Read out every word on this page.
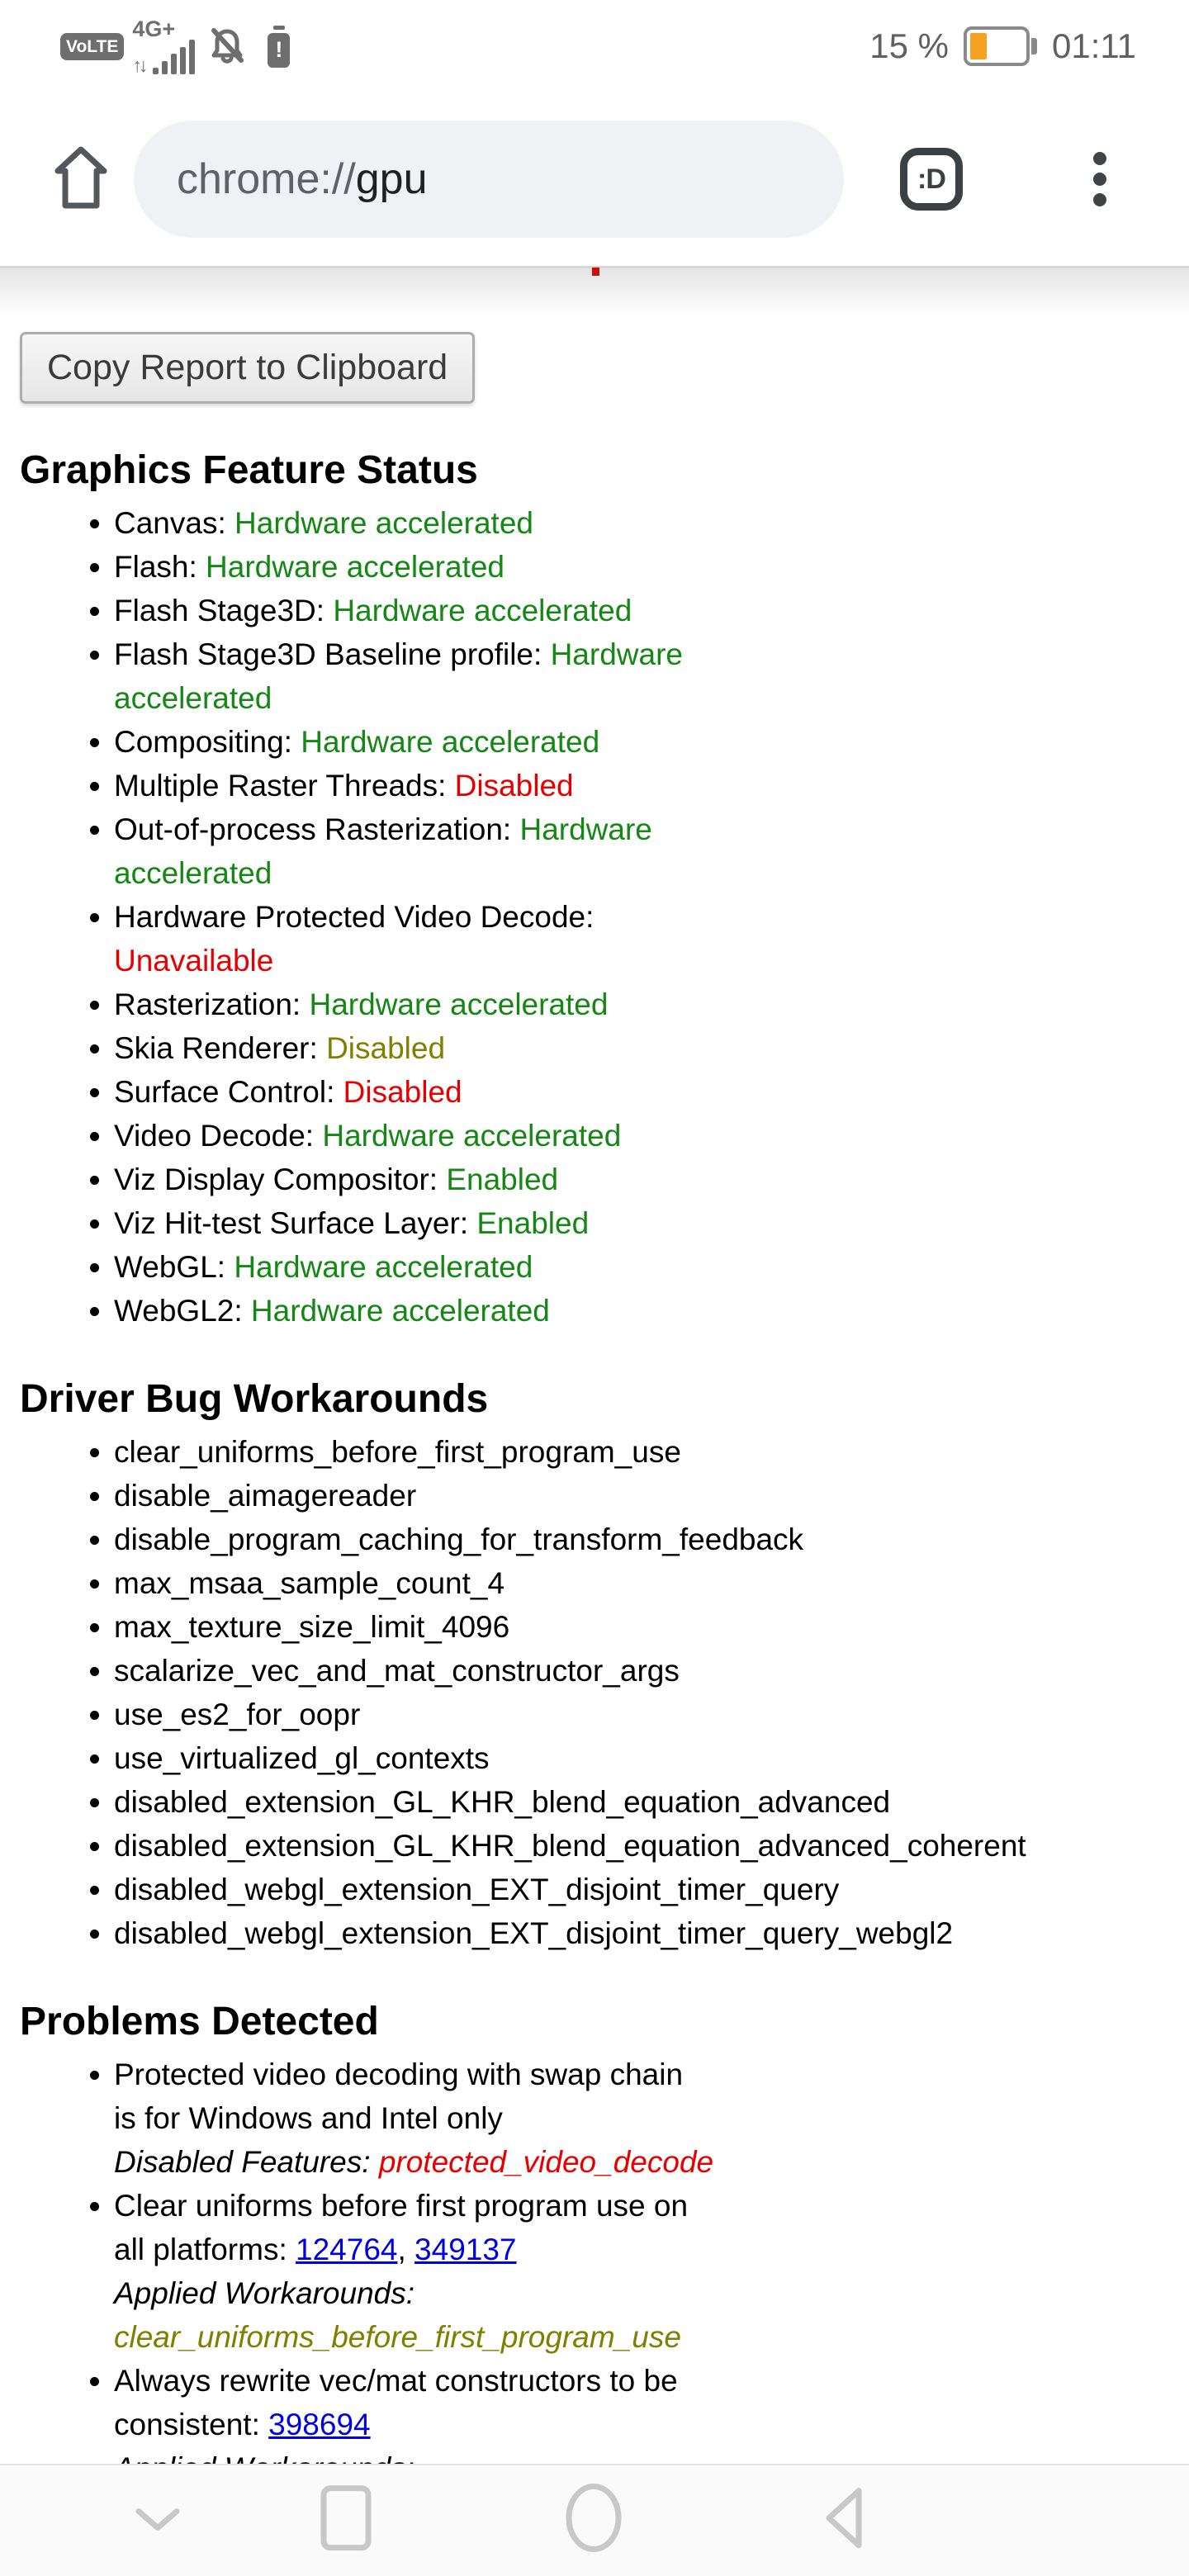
VoLTE
4G+
↑↓
!	15 %	01:11
chrome://gpu	:D
Copy Report to Clipboard
Graphics Feature Status
• Canvas: Hardware accelerated
• Flash: Hardware accelerated
• Flash Stage3D: Hardware accelerated
• Flash Stage3D Baseline profile: Hardware
accelerated
• Compositing: Hardware accelerated
• Multiple Raster Threads: Disabled
• Out-of-process Rasterization: Hardware
accelerated
• Hardware Protected Video Decode:
Unavailable
• Rasterization: Hardware accelerated
• Skia Renderer: Disabled
• Surface Control: Disabled
• Video Decode: Hardware accelerated
• Viz Display Compositor: Enabled
• Viz Hit-test Surface Layer: Enabled
• WebGL: Hardware accelerated
• WebGL2: Hardware accelerated
Driver Bug Workarounds
• clear_uniforms_before_first_program_use
• disable_aimagereader
• disable_program_caching_for_transform_feedback
• max_msaa_sample_count_4
• max_texture_size_limit_4096
• scalarize_vec_and_mat_constructor_args
• use_es2_for_oopr
• use_virtualized_gl_contexts
• disabled_extension_GL_KHR_blend_equation_advanced
• disabled_extension_GL_KHR_blend_equation_advanced_coherent
• disabled_webgl_extension_EXT_disjoint_timer_query
• disabled_webgl_extension_EXT_disjoint_timer_query_webgl2
Problems Detected
• Protected video decoding with swap chain
is for Windows and Intel only
Disabled Features: protected_video_decode
• Clear uniforms before first program use on
all platforms: 124764, 349137
Applied Workarounds:
clear_uniforms_before_first_program_use
• Always rewrite vec/mat constructors to be
consistent: 398694
